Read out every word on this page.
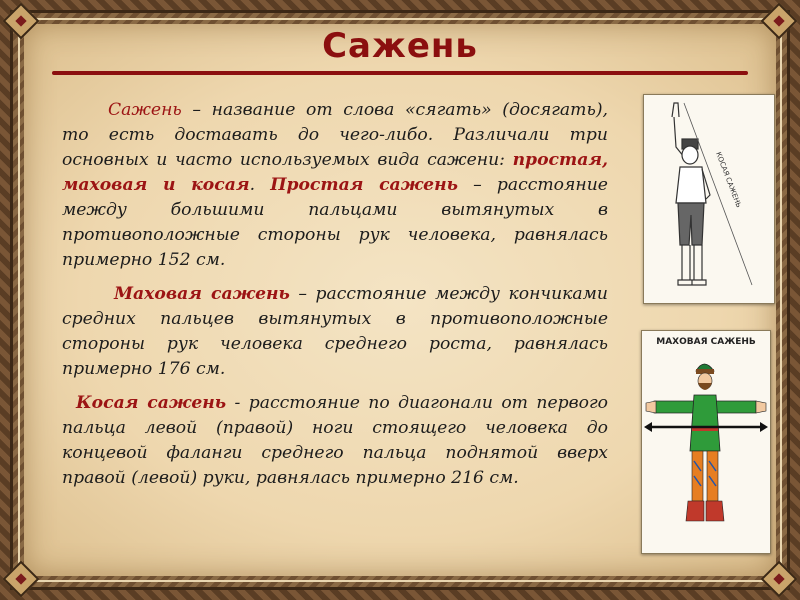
Сажень

Сажень – название от слова «сягать» (досягать), то есть доставать до чего-либо. Различали три основных и часто используемых вида сажени: простая, маховая и косая. Простая сажень – расстояние между большими пальцами вытянутых в противоположные стороны рук человека, равнялась примерно 152 см.

Маховая сажень – расстояние между кончиками средних пальцев вытянутых в противоположные стороны рук человека среднего роста, равнялась примерно 176 см.

Косая сажень - расстояние по диагонали от первого пальца левой (правой) ноги стоящего человека до концевой фаланги среднего пальца поднятой вверх правой (левой) руки, равнялась примерно 216 см.

КОСАЯ САЖЕНЬ
МАХОВАЯ САЖЕНЬ
